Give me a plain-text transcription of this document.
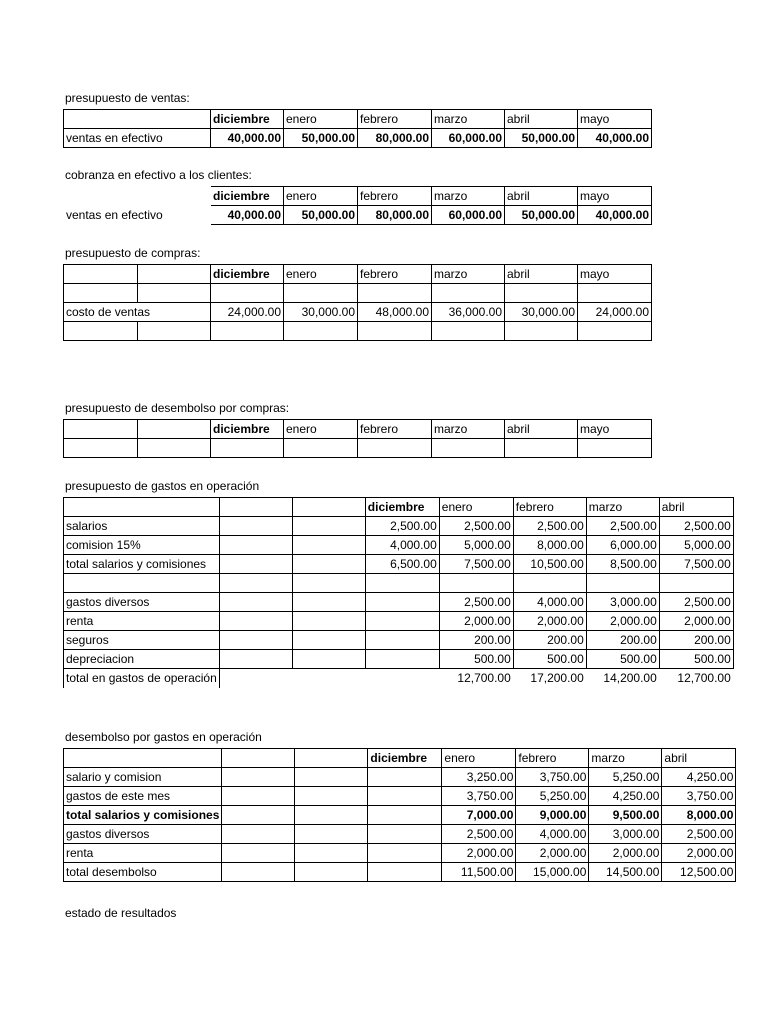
presupuesto de ventas:
	diciembre	enero	febrero	marzo	abril	mayo
ventas en efectivo	40,000.00	50,000.00	80,000.00	60,000.00	50,000.00	40,000.00
cobranza en efectivo a los clientes:
	diciembre	enero	febrero	marzo	abril	mayo
ventas en efectivo	40,000.00	50,000.00	80,000.00	60,000.00	50,000.00	40,000.00
presupuesto de compras:
		diciembre	enero	febrero	marzo	abril	mayo

costo de ventas		24,000.00	30,000.00	48,000.00	36,000.00	30,000.00	24,000.00

presupuesto de desembolso por compras:
		diciembre	enero	febrero	marzo	abril	mayo

presupuesto de gastos en operación
			diciembre	enero	febrero	marzo	abril
salarios			2,500.00	2,500.00	2,500.00	2,500.00	2,500.00
comision 15%			4,000.00	5,000.00	8,000.00	6,000.00	5,000.00
total salarios y comisiones			6,500.00	7,500.00	10,500.00	8,500.00	7,500.00

gastos diversos				2,500.00	4,000.00	3,000.00	2,500.00
renta				2,000.00	2,000.00	2,000.00	2,000.00
seguros				200.00	200.00	200.00	200.00
depreciacion				500.00	500.00	500.00	500.00
total en gastos de operación				12,700.00	17,200.00	14,200.00	12,700.00
desembolso por gastos en operación
			diciembre	enero	febrero	marzo	abril
salario y comision				3,250.00	3,750.00	5,250.00	4,250.00
gastos de este mes				3,750.00	5,250.00	4,250.00	3,750.00
total salarios y comisiones				7,000.00	9,000.00	9,500.00	8,000.00
gastos diversos				2,500.00	4,000.00	3,000.00	2,500.00
renta				2,000.00	2,000.00	2,000.00	2,000.00
total desembolso				11,500.00	15,000.00	14,500.00	12,500.00
estado de resultados
